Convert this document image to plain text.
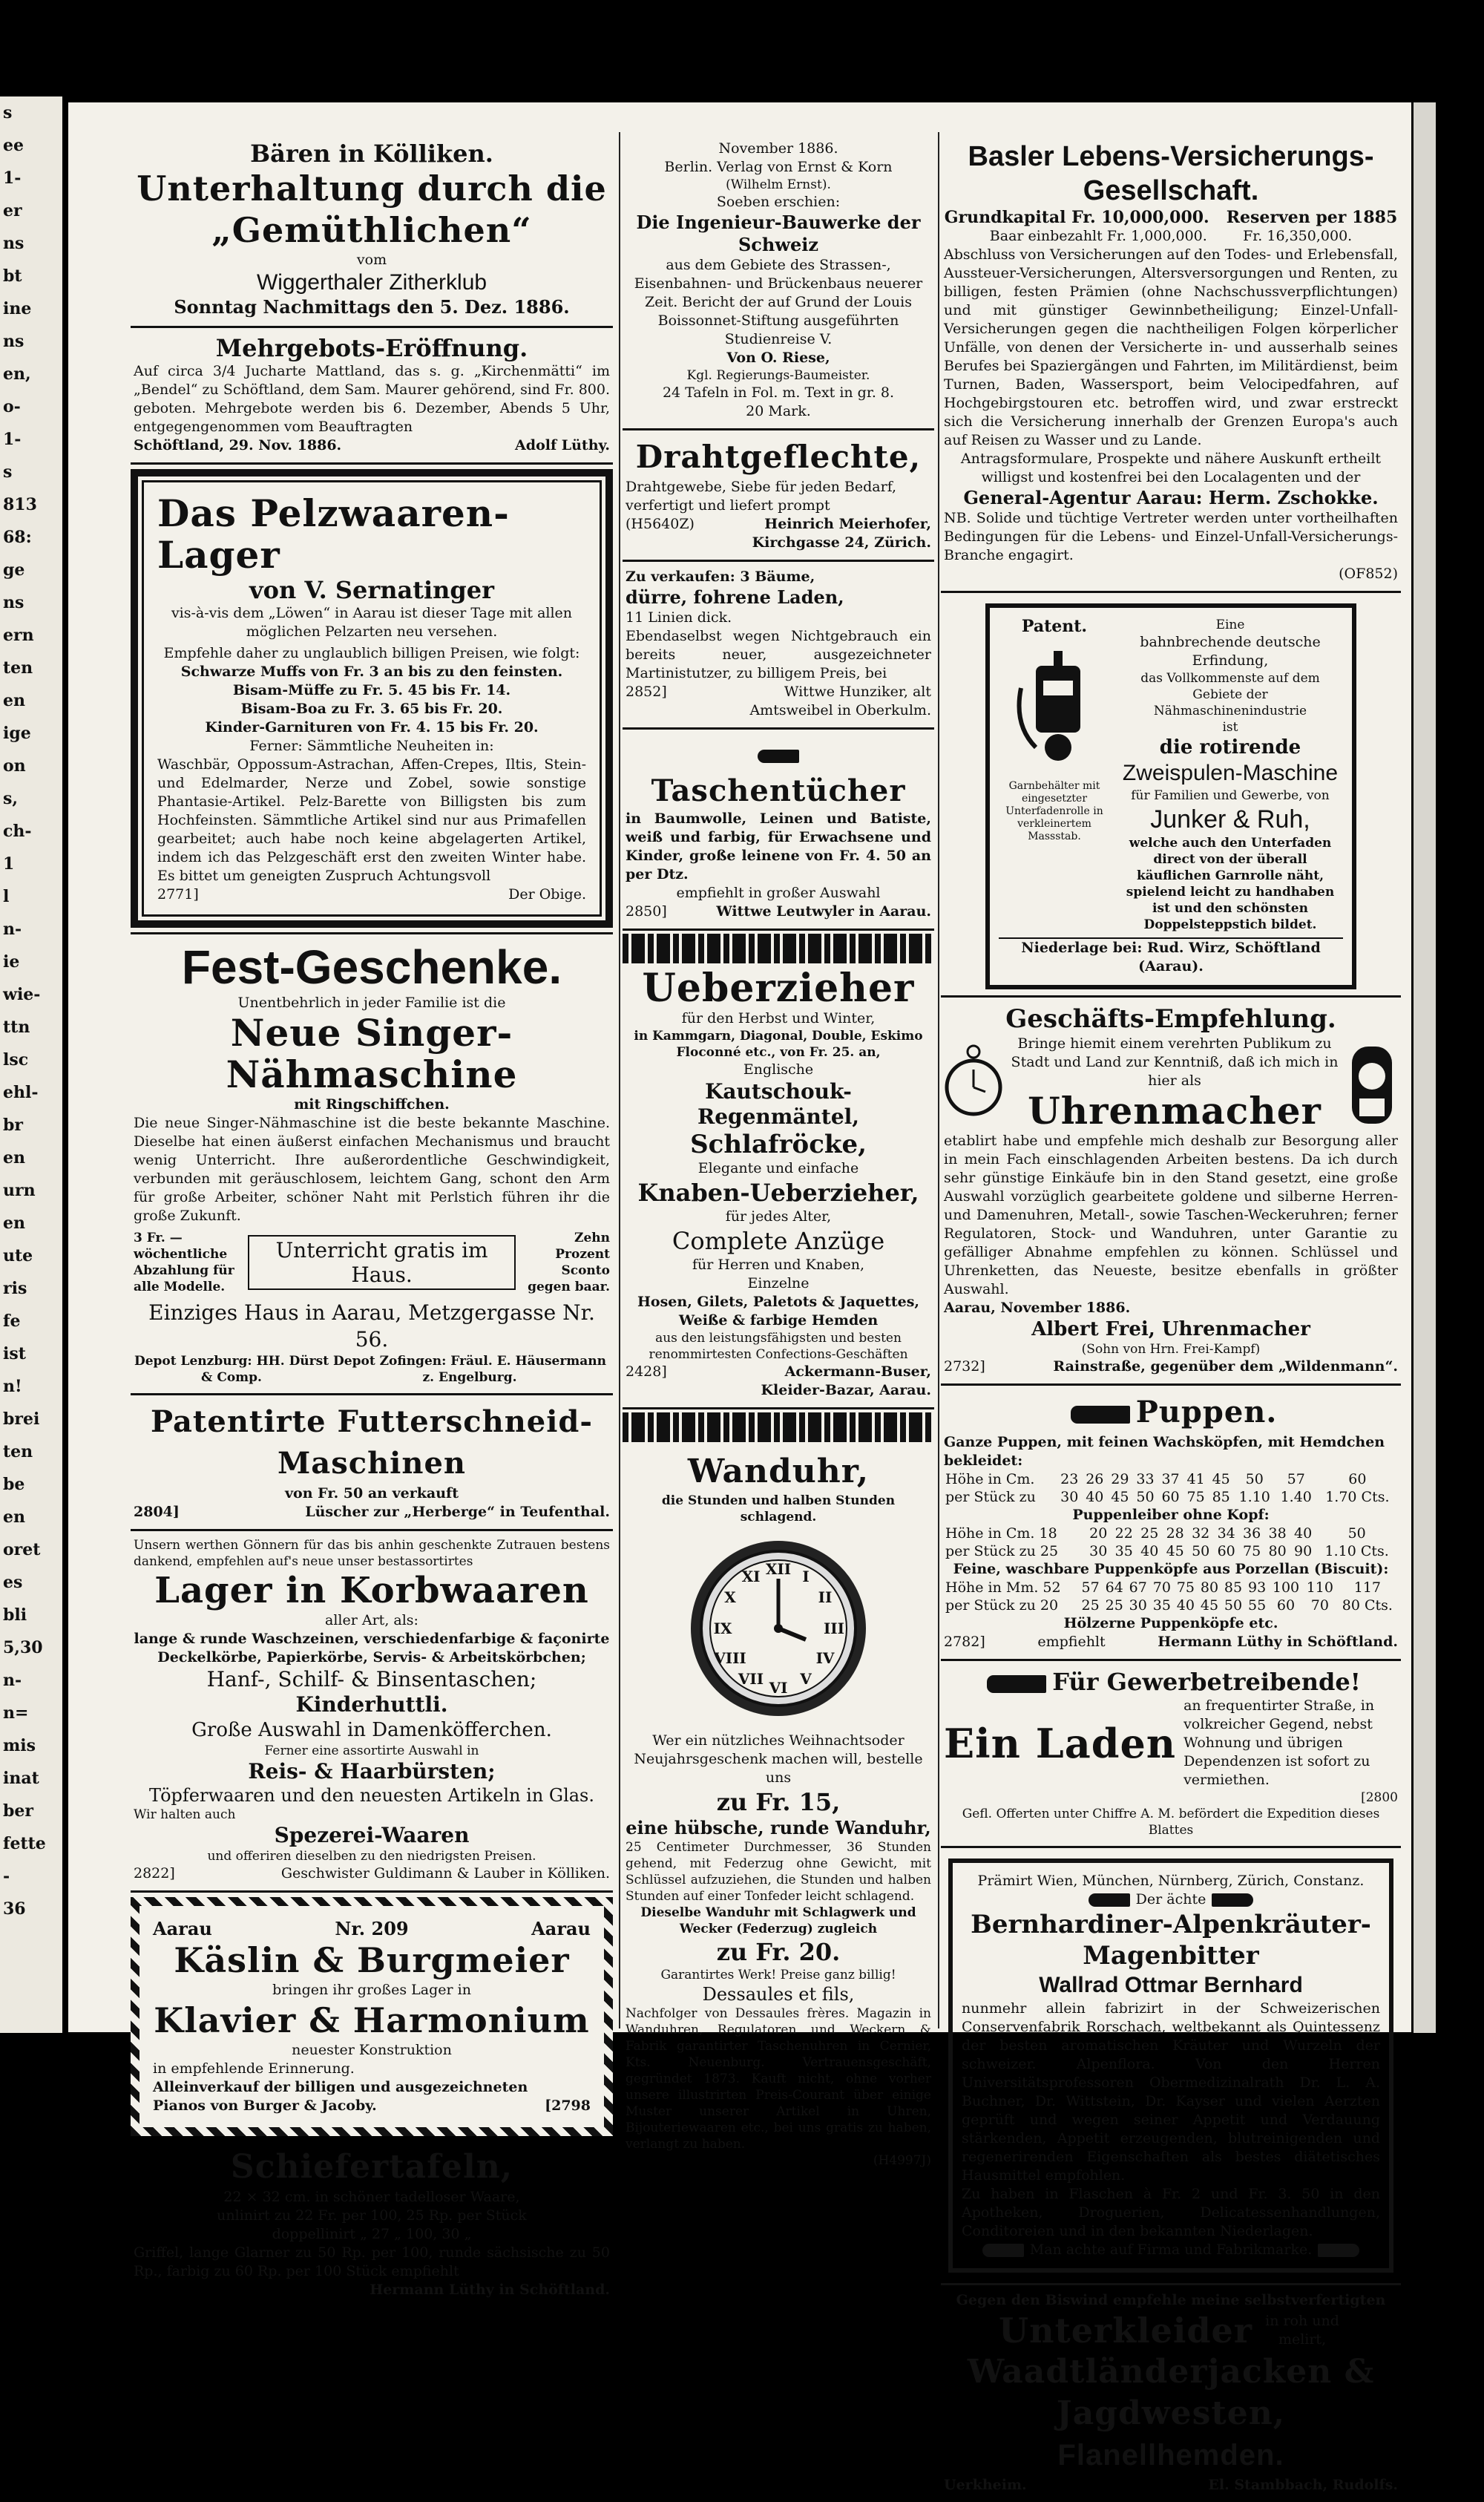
s
ee
1-
er
ns
bt
ine
ns
en,
o-
1-
s
813
68:
ge
ns
ern
ten
en
ige
on
s,
ch-
1
l
n-
ie
wie-
ttn
lsc
ehl-
br
en
urn
en
ute
ris
fe
ist
n!
brei
ten
be
en
oret
es
bli
5,30
n-
n=
mis
inat
ber
fette
-
36
Bären in Kölliken.
Unterhaltung durch die „Gemüthlichen“
vom
Wiggerthaler Zitherklub
Sonntag Nachmittags den 5. Dez. 1886.
Mehrgebots-Eröffnung.
Auf circa 3/4 Jucharte Mattland, das s. g. „Kirchenmätti“ im „Bendel“ zu Schöftland, dem Sam. Maurer gehörend, sind Fr. 800. geboten. Mehrgebote werden bis 6. Dezember, Abends 5 Uhr, entgegengenommen vom Beauftragten
Schöftland, 29. Nov. 1886.	Adolf Lüthy.
Das Pelzwaaren-Lager
von V. Sernatinger
vis-à-vis dem „Löwen“ in Aarau ist dieser Tage mit allen möglichen Pelzarten neu versehen.
Empfehle daher zu unglaublich billigen Preisen, wie folgt:
Schwarze Muffs von Fr. 3 an bis zu den feinsten.
Bisam-Müffe zu Fr. 5. 45 bis Fr. 14.
Bisam-Boa zu Fr. 3. 65 bis Fr. 20.
Kinder-Garnituren von Fr. 4. 15 bis Fr. 20.
Ferner: Sämmtliche Neuheiten in:
Waschbär, Oppossum-Astrachan, Affen-Crepes, Iltis, Stein- und Edelmarder, Nerze und Zobel, sowie sonstige Phantasie-Artikel. Pelz-Barette von Billigsten bis zum Hochfeinsten. Sämmtliche Artikel sind nur aus Primafellen gearbeitet; auch habe noch keine abgelagerten Artikel, indem ich das Pelzgeschäft erst den zweiten Winter habe. Es bittet um geneigten Zuspruch Achtungsvoll
2771]	Der Obige.
Fest-Geschenke.
Unentbehrlich in jeder Familie ist die
Neue Singer-Nähmaschine
mit Ringschiffchen.
Die neue Singer-Nähmaschine ist die beste bekannte Maschine. Dieselbe hat einen äußerst einfachen Mechanismus und braucht wenig Unterricht. Ihre außerordentliche Geschwindigkeit, verbunden mit geräuschlosem, leichtem Gang, schont den Arm für große Arbeiter, schöner Naht mit Perlstich führen ihr die große Zukunft.
3 Fr. — wöchentliche Abzahlung für alle Modelle.
Unterricht gratis im Haus.
Zehn Prozent Sconto gegen baar.
Einziges Haus in Aarau, Metzgergasse Nr. 56.
Depot Lenzburg: HH. Dürst & Comp.
Depot Zofingen: Fräul. E. Häusermann z. Engelburg.
Patentirte Futterschneid-Maschinen
von Fr. 50 an verkauft
2804]	Lüscher zur „Herberge“ in Teufenthal.
Unsern werthen Gönnern für das bis anhin geschenkte Zutrauen bestens dankend, empfehlen auf's neue unser bestassortirtes
Lager in Korbwaaren
aller Art, als:
lange & runde Waschzeinen, verschiedenfarbige & façonirte Deckelkörbe, Papierkörbe, Servis- & Arbeitskörbchen;
Hanf-, Schilf- & Binsentaschen;
Kinderhuttli.
Große Auswahl in Damenköfferchen.
Ferner eine assortirte Auswahl in
Reis- & Haarbürsten;
Töpferwaaren und den neuesten Artikeln in Glas.
Wir halten auch
Spezerei-Waaren
und offeriren dieselben zu den niedrigsten Preisen.
2822]	Geschwister Guldimann & Lauber in Kölliken.
Aarau	Nr. 209	Aarau
Käslin & Burgmeier
bringen ihr großes Lager in
Klavier & Harmonium
neuester Konstruktion
in empfehlende Erinnerung.
Alleinverkauf der billigen und ausgezeichneten
Pianos von Burger & Jacoby.	[2798
Schiefertafeln,
22 × 32 cm. in schöner tadelloser Waare,
unlinirt zu 22 Fr. per 100, 25 Rp. per Stück
doppellinirt „ 27 „ 100, 30 „
Griffel, lange Glarner zu 50 Rp. per 100, runde sächsische zu 50 Rp., farbig zu 60 Rp. per 100 Stück empfiehlt
Hermann Lüthy in Schöftland.
November 1886.
Berlin. Verlag von Ernst & Korn
(Wilhelm Ernst).
Soeben erschien:
Die Ingenieur-Bauwerke der Schweiz
aus dem Gebiete des Strassen-, Eisenbahnen- und Brückenbaus neuerer Zeit. Bericht der auf Grund der Louis Boissonnet-Stiftung ausgeführten Studienreise V.
Von O. Riese,
Kgl. Regierungs-Baumeister.
24 Tafeln in Fol. m. Text in gr. 8.
20 Mark.
Drahtgeflechte,
Drahtgewebe, Siebe für jeden Bedarf, verfertigt und liefert prompt
(H5640Z)	Heinrich Meierhofer, Kirchgasse 24, Zürich.
Zu verkaufen: 3 Bäume,
dürre, fohrene Laden,
11 Linien dick.
Ebendaselbst wegen Nichtgebrauch ein bereits neuer, ausgezeichneter Martinistutzer, zu billigem Preis, bei
2852]	Wittwe Hunziker, alt Amtsweibel in Oberkulm.
Taschentücher
in Baumwolle, Leinen und Batiste, weiß und farbig, für Erwachsene und Kinder, große leinene von Fr. 4. 50 an per Dtz.
empfiehlt in großer Auswahl
2850]	Wittwe Leutwyler in Aarau.
Ueberzieher
für den Herbst und Winter,
in Kammgarn, Diagonal, Double, Eskimo Floconné etc., von Fr. 25. an,
Englische
Kautschouk-Regenmäntel,
Schlafröcke,
Elegante und einfache
Knaben-Ueberzieher,
für jedes Alter,
Complete Anzüge
für Herren und Knaben,
Einzelne
Hosen, Gilets, Paletots & Jaquettes, Weiße & farbige Hemden
aus den leistungsfähigsten und besten renommirtesten Confections-Geschäften
2428]	Ackermann-Buser, Kleider-Bazar, Aarau.
Wanduhr,
die Stunden und halben Stunden schlagend.
XII I
II
III
IV
V
VI
VII
VIII
IX
X
XI
Wer ein nützliches Weihnachtsoder Neujahrsgeschenk machen will, bestelle uns
zu Fr. 15,
eine hübsche, runde Wanduhr,
25 Centimeter Durchmesser, 36 Stunden gehend, mit Federzug ohne Gewicht, mit Schlüssel aufzuziehen, die Stunden und halben Stunden auf einer Tonfeder leicht schlagend.
Dieselbe Wanduhr mit Schlagwerk und Wecker (Federzug) zugleich
zu Fr. 20.
Garantirtes Werk! Preise ganz billig!
Dessaules et fils,
Nachfolger von Dessaules frères. Magazin in Wanduhren, Regulatoren und Weckern & Fabrik garantirter Taschenuhren in Cernier, Kts. Neuenburg. Vertrauensgeschäft, gegründet 1873. Kauft nicht, ohne vorher unsere illustrirten Preis-Courant über einige Muster unserer Artikel in Uhren, Bijouteriewaaren etc., bei uns gratis zu haben, verlangt zu haben.
(H4997J)
Basler Lebens-Versicherungs-Gesellschaft.
Grundkapital Fr. 10,000,000.   Reserven per 1885
Baar einbezahlt Fr. 1,000,000.        Fr. 16,350,000.
Abschluss von Versicherungen auf den Todes- und Erlebensfall, Aussteuer-Versicherungen, Altersversorgungen und Renten, zu billigen, festen Prämien (ohne Nachschussverpflichtungen) und mit günstiger Gewinnbetheiligung; Einzel-Unfall-Versicherungen gegen die nachtheiligen Folgen körperlicher Unfälle, von denen der Versicherte in- und ausserhalb seines Berufes bei Spaziergängen und Fahrten, im Militärdienst, beim Turnen, Baden, Wassersport, beim Velocipedfahren, auf Hochgebirgstouren etc. betroffen wird, und zwar erstreckt sich die Versicherung innerhalb der Grenzen Europa's auch auf Reisen zu Wasser und zu Lande.
Antragsformulare, Prospekte und nähere Auskunft ertheilt willigst und kostenfrei bei den Localagenten und der
General-Agentur Aarau: Herm. Zschokke.
NB. Solide und tüchtige Vertreter werden unter vortheilhaften Bedingungen für die Lebens- und Einzel-Unfall-Versicherungs-Branche engagirt.
(OF852)
Patent.
Garnbehälter mit eingesetzter Unterfadenrolle in verkleinertem Massstab.
Eine
bahnbrechende deutsche Erfindung,
das Vollkommenste auf dem Gebiete der Nähmaschinenindustrie
ist
die rotirende
Zweispulen-Maschine
für Familien und Gewerbe, von
Junker & Ruh,
welche auch den Unterfaden direct von der überall käuflichen Garnrolle näht, spielend leicht zu handhaben ist und den schönsten Doppelsteppstich bildet.
Niederlage bei: Rud. Wirz, Schöftland (Aarau).
Geschäfts-Empfehlung.
Bringe hiemit einem verehrten Publikum zu Stadt und Land zur Kenntniß, daß ich mich in hier als
Uhrenmacher
etablirt habe und empfehle mich deshalb zur Besorgung aller in mein Fach einschlagenden Arbeiten bestens. Da ich durch sehr günstige Einkäufe bin in den Stand gesetzt, eine große Auswahl vorzüglich gearbeitete goldene und silberne Herren- und Damenuhren, Metall-, sowie Taschen-Weckeruhren; ferner Regulatoren, Stock- und Wanduhren, unter Garantie zu gefälliger Abnahme empfehlen zu können. Schlüssel und Uhrenketten, das Neueste, besitze ebenfalls in größter Auswahl.
Aarau, November 1886.
Albert Frei, Uhrenmacher
(Sohn von Hrn. Frei-Kampf)
2732]	Rainstraße, gegenüber dem „Wildenmann“.
Puppen.
Ganze Puppen, mit feinen Wachsköpfen, mit Hemdchen bekleidet:
Höhe in Cm.	23	26	29	33	37	41	45	50	57	60
per Stück zu	30	40	45	50	60	75	85	1.10	1.40	1.70 Cts.
Puppenleiber ohne Kopf:
Höhe in Cm. 18	20	22	25	28	32	34	36	38	40	50
per Stück zu 25	30	35	40	45	50	60	75	80	90	1.10 Cts.
Feine, waschbare Puppenköpfe aus Porzellan (Biscuit):
Höhe in Mm. 52	57	64	67	70	75	80	85	93	100	110	117
per Stück zu 20	25	25	30	35	40	45	50	55	60	70	80 Cts.
Hölzerne Puppenköpfe etc.
2782]	empfiehlt	Hermann Lüthy in Schöftland.
Für Gewerbetreibende!
Ein Laden
an frequentirter Straße, in volkreicher Gegend, nebst Wohnung und übrigen Dependenzen ist sofort zu vermiethen.
[2800
Gefl. Offerten unter Chiffre A. M. befördert die Expedition dieses Blattes
Prämirt Wien, München, Nürnberg, Zürich, Constanz.
Der ächte
Bernhardiner-Alpenkräuter-Magenbitter
Wallrad Ottmar Bernhard
nunmehr allein fabrizirt in der Schweizerischen Conservenfabrik Rorschach, weltbekannt als Quintessenz der besten aromatischen Kräuter und Wurzeln der schweizer. Alpenflora. Von den Herren Universitätsprofessoren Obermedizinalrath Dr. L. A. Buchner, Dr. Wittstein, Dr. Kayser und vielen Aerzten geprüft und wegen seiner Appetit und Verdauung stärkenden, Appetit erzeugenden, blutreinigenden und regenerirenden Eigenschaften als bestes diätetisches Hausmittel empfohlen.
Zu haben in Flaschen à Fr. 2 und Fr. 3. 50 in den Apotheken, Droguerien, Delicatessenhandlungen, Conditoreien und in den bekannten Niederlagen.
Man achte auf Firma und Fabrikmarke.
Gegen den Biswind empfehle meine selbstverfertigten
Unterkleider in roh und melirt,
Waadtländerjacken & Jagdwesten,
Flanellhemden.
Uerkheim.	El. Stambbach, Rudolfs.
